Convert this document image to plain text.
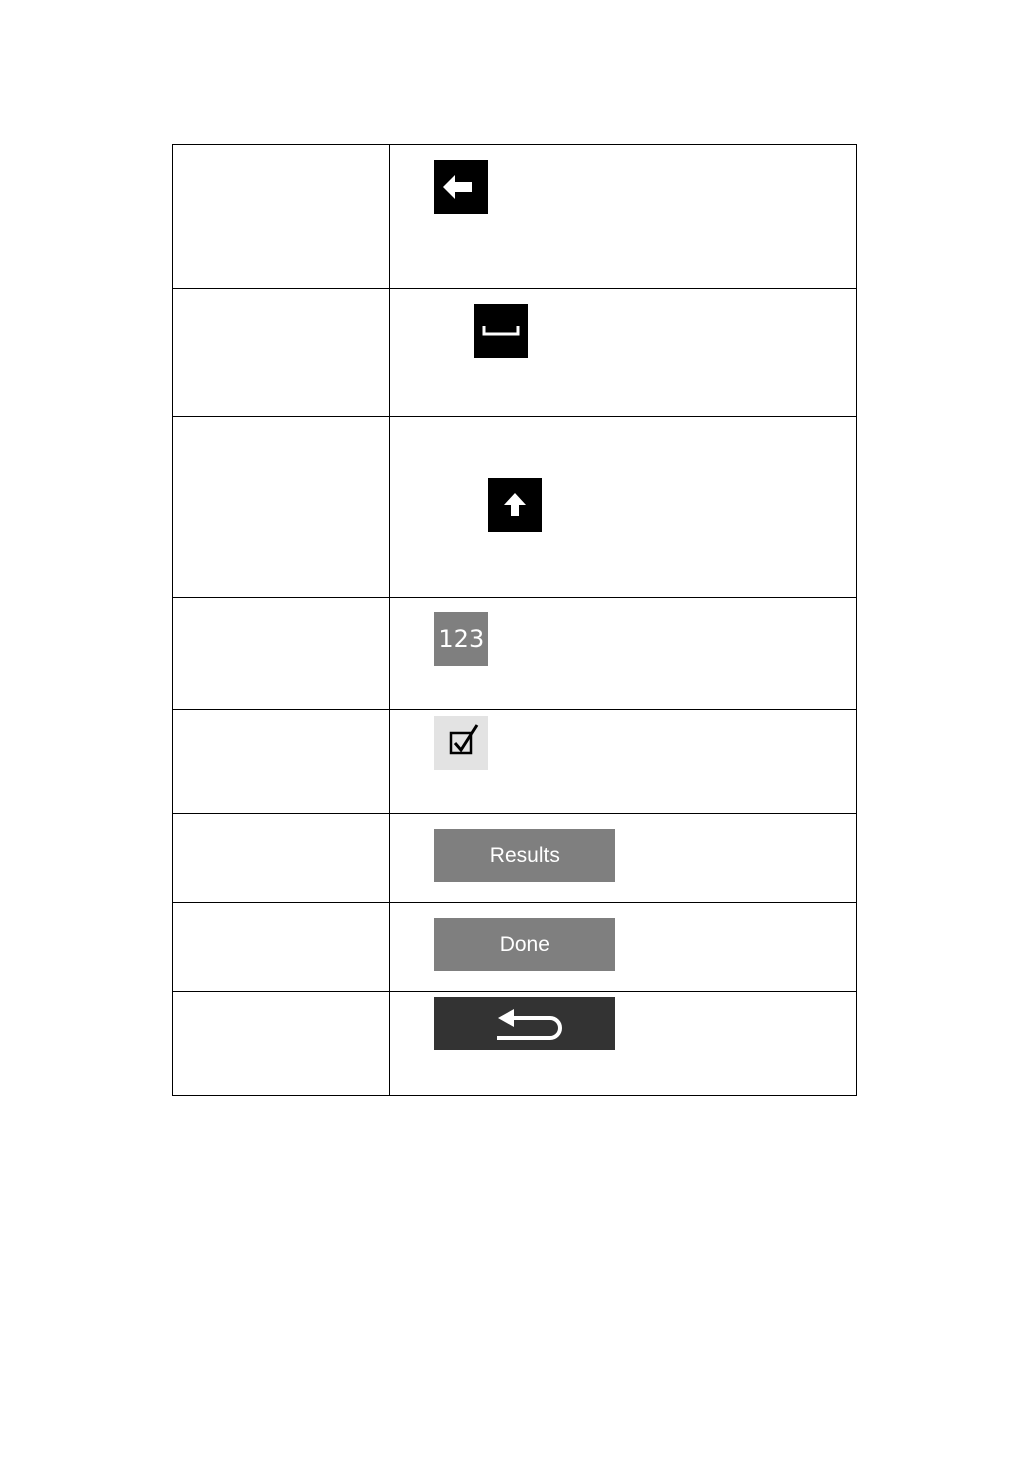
	123

	Results

	Done
